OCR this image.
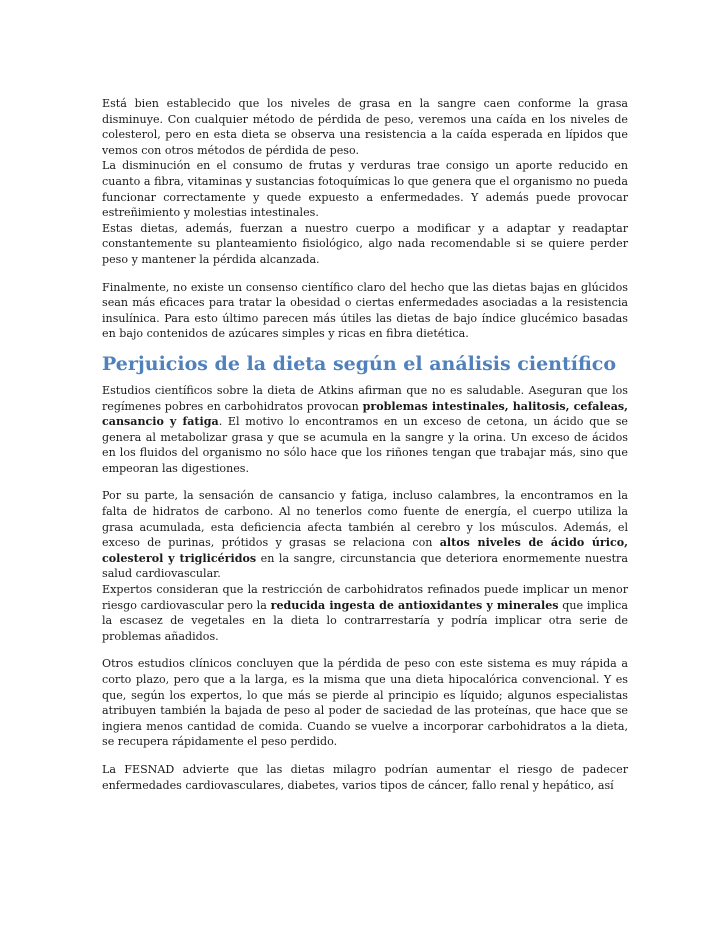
Está bien establecido que los niveles de grasa en la sangre caen conforme la grasa disminuye. Con cualquier método de pérdida de peso, veremos una caída en los niveles de colesterol, pero en esta dieta se observa una resistencia a la caída esperada en lípidos que vemos con otros métodos de pérdida de peso.

La disminución en el consumo de frutas y verduras trae consigo un aporte reducido en cuanto a fibra, vitaminas y sustancias fotoquímicas lo que genera que el organismo no pueda funcionar correctamente y quede expuesto a enfermedades. Y además puede provocar estreñimiento y molestias intestinales.

Estas dietas, además, fuerzan a nuestro cuerpo a modificar y a adaptar y readaptar constantemente su planteamiento fisiológico, algo nada recomendable si se quiere perder peso y mantener la pérdida alcanzada.

Finalmente, no existe un consenso científico claro del hecho que las dietas bajas en glúcidos sean más eficaces para tratar la obesidad o ciertas enfermedades asociadas a la resistencia insulínica. Para esto último parecen más útiles las dietas de bajo índice glucémico basadas en bajo contenidos de azúcares simples y ricas en fibra dietética.

Perjuicios de la dieta según el análisis científico

Estudios científicos sobre la dieta de Atkins afirman que no es saludable. Aseguran que los regímenes pobres en carbohidratos provocan problemas intestinales, halitosis, cefaleas, cansancio y fatiga. El motivo lo encontramos en un exceso de cetona, un ácido que se genera al metabolizar grasa y que se acumula en la sangre y la orina. Un exceso de ácidos en los fluidos del organismo no sólo hace que los riñones tengan que trabajar más, sino que empeoran las digestiones.

Por su parte, la sensación de cansancio y fatiga, incluso calambres, la encontramos en la falta de hidratos de carbono. Al no tenerlos como fuente de energía, el cuerpo utiliza la grasa acumulada, esta deficiencia afecta también al cerebro y los músculos. Además, el exceso de purinas, prótidos y grasas se relaciona con altos niveles de ácido úrico, colesterol y triglicéridos en la sangre, circunstancia que deteriora enormemente nuestra salud cardiovascular.

Expertos consideran que la restricción de carbohidratos refinados puede implicar un menor riesgo cardiovascular pero la reducida ingesta de antioxidantes y minerales que implica la escasez de vegetales en la dieta lo contrarrestaría y podría implicar otra serie de problemas añadidos.

Otros estudios clínicos concluyen que la pérdida de peso con este sistema es muy rápida a corto plazo, pero que a la larga, es la misma que una dieta hipocalórica convencional. Y es que, según los expertos, lo que más se pierde al principio es líquido; algunos especialistas atribuyen también la bajada de peso al poder de saciedad de las proteínas, que hace que se ingiera menos cantidad de comida. Cuando se vuelve a incorporar carbohidratos a la dieta, se recupera rápidamente el peso perdido.

La FESNAD advierte que las dietas milagro podrían aumentar el riesgo de padecer enfermedades cardiovasculares, diabetes, varios tipos de cáncer, fallo renal y hepático, así
